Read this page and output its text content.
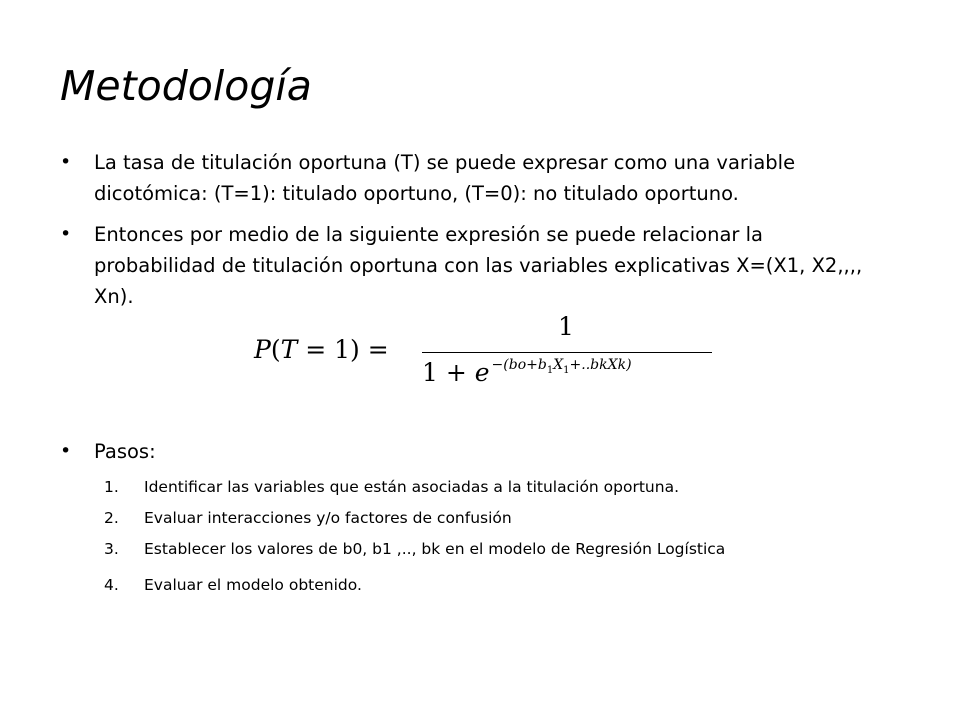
Metodología
•	La tasa de titulación oportuna (T) se puede expresar como una variable dicotómica: (T=1): titulado oportuno, (T=0): no titulado oportuno.
•	Entonces por medio de la siguiente expresión se puede relacionar la probabilidad de titulación oportuna con las variables explicativas X=(X1, X2,,,, Xn).
P(T = 1) =
1
1 + e $^{-(bo+b_1X_1+..bkXk)}$
•	Pasos:
1.	Identificar las variables que están asociadas a la titulación oportuna.
2.	Evaluar interacciones y/o factores de confusión
3.	Establecer los valores de b0, b1 ,.., bk en el modelo de Regresión Logística
4.	Evaluar el modelo obtenido.
